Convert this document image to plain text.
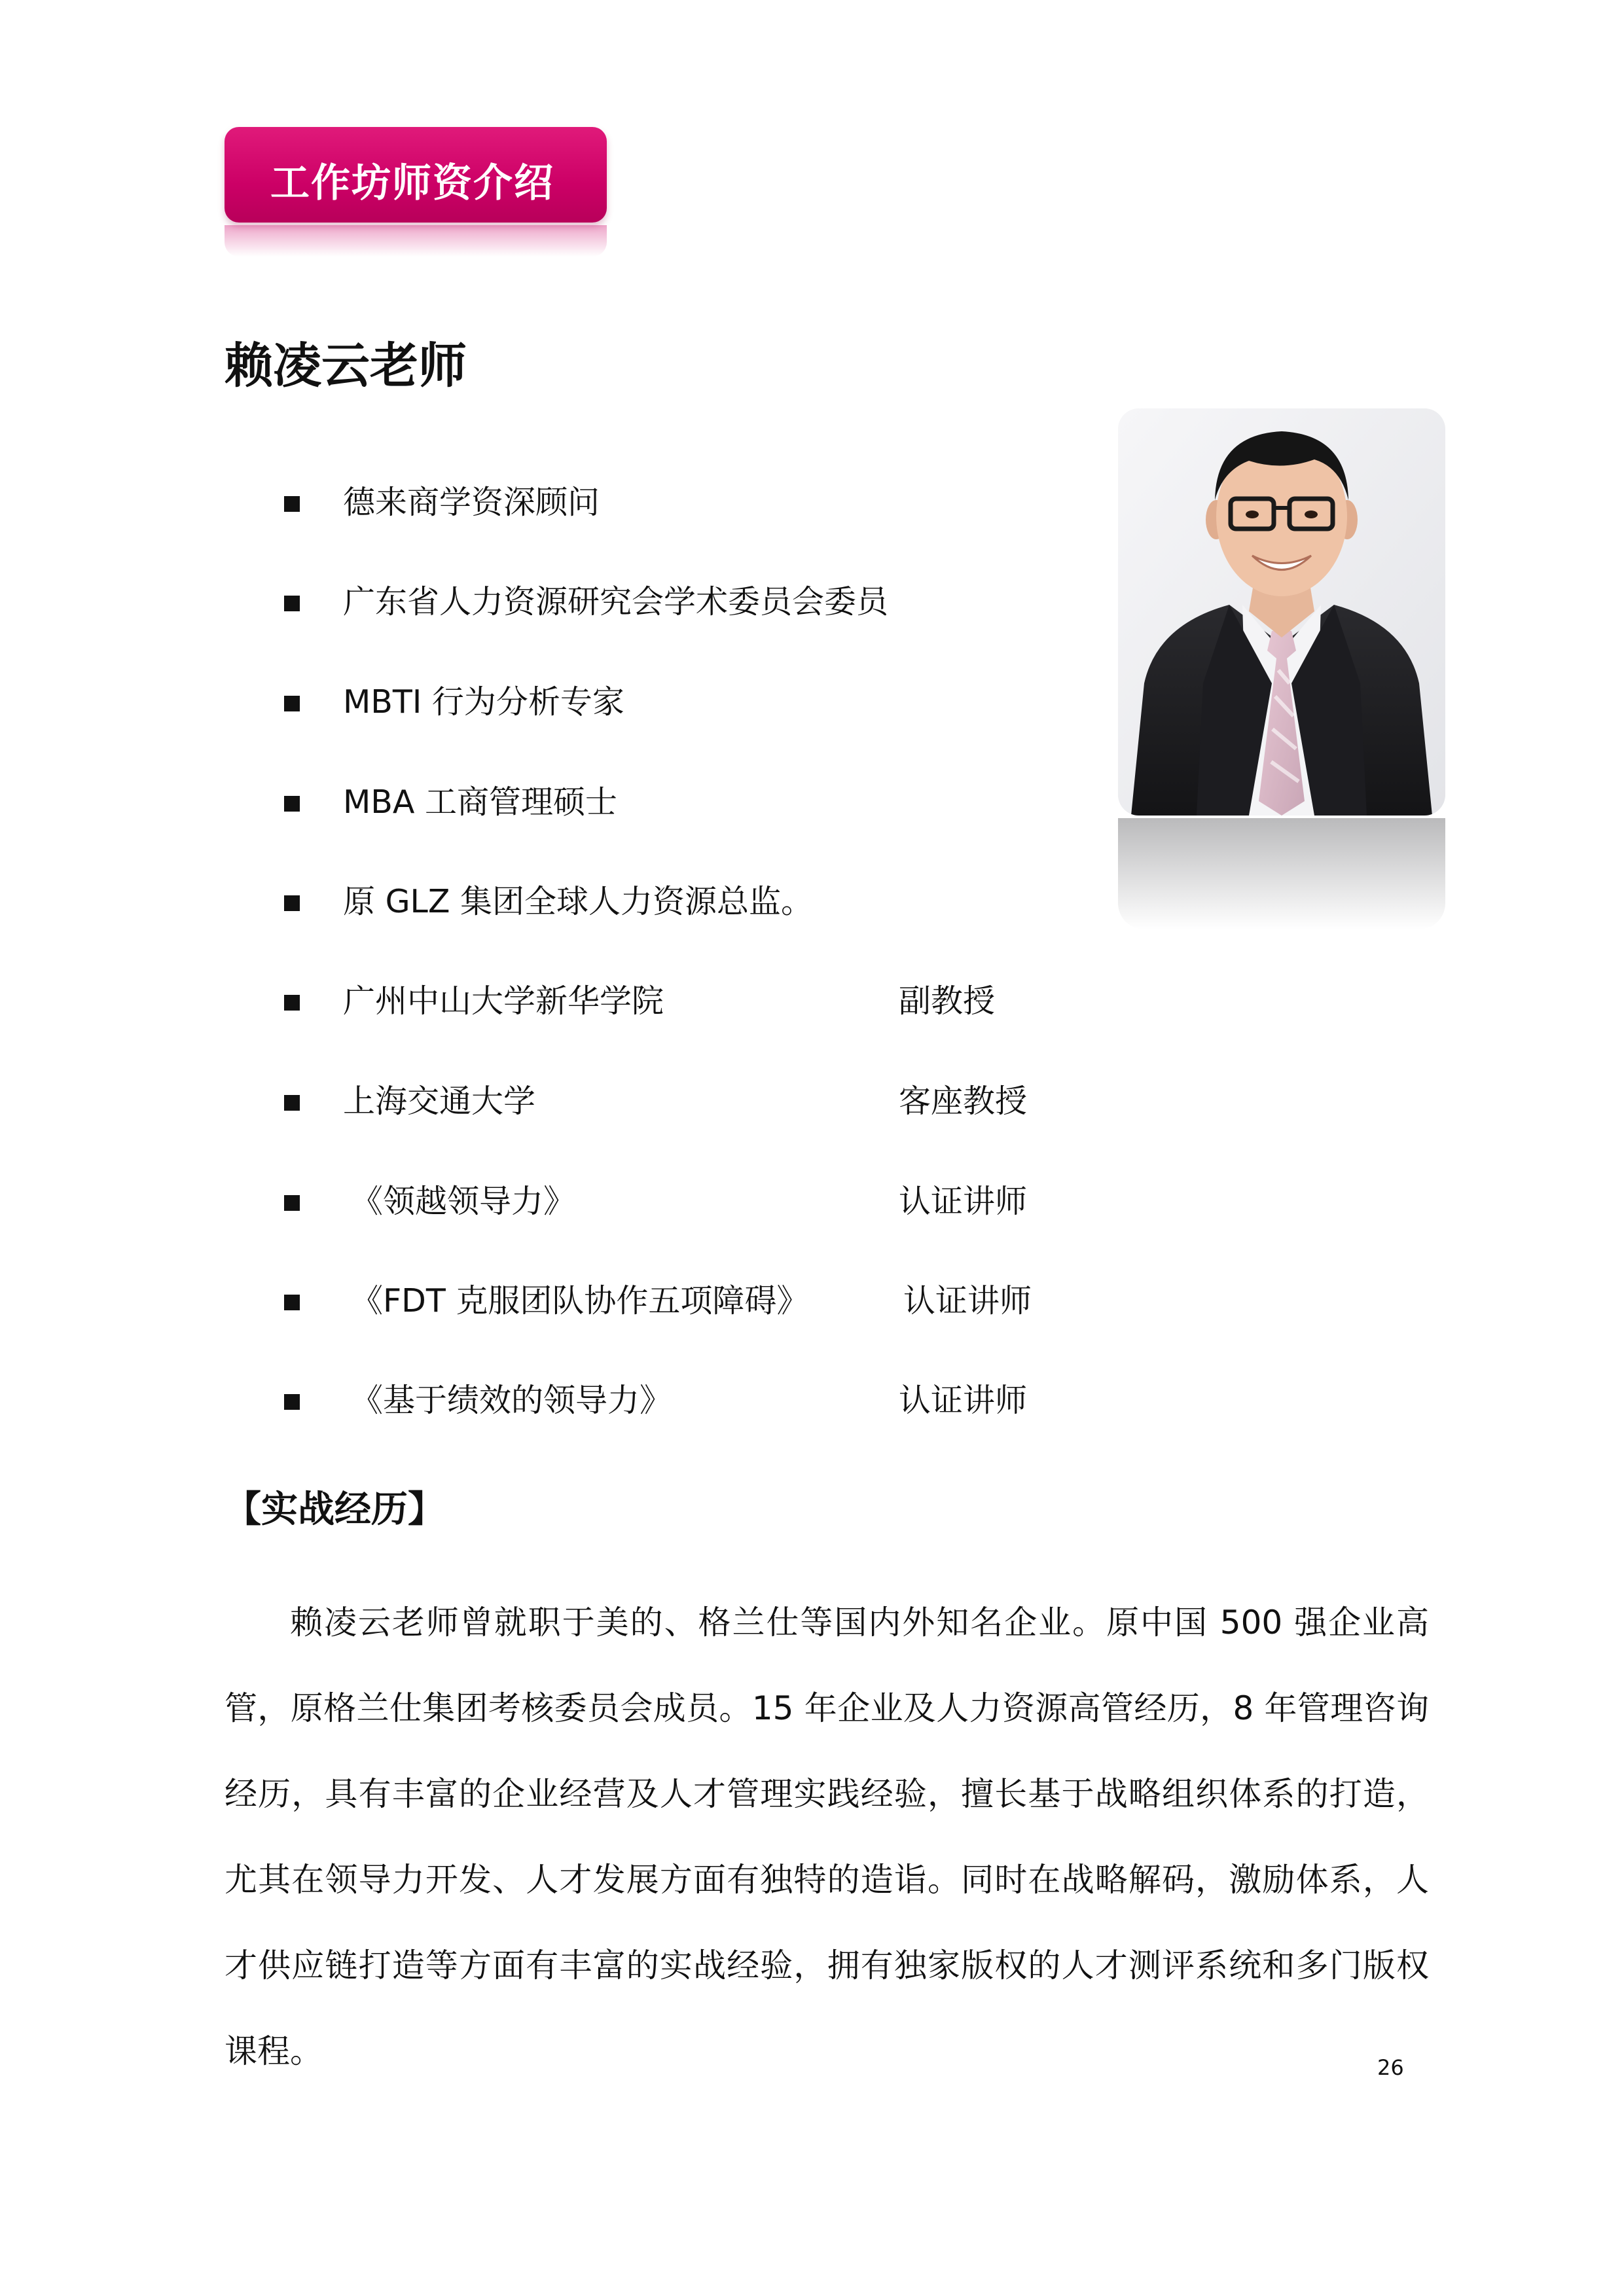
工作坊师资介绍
赖凌云老师
德来商学资深顾问
广东省人力资源研究会学术委员会委员
MBTI 行为分析专家
MBA 工商管理硕士
原 GLZ 集团全球人力资源总监。
广州中山大学新华学院	副教授
上海交通大学	客座教授
《领越领导力》	认证讲师
《FDT 克服团队协作五项障碍》	认证讲师
《基于绩效的领导力》	认证讲师
【实战经历】
赖凌云老师曾就职于美的、格兰仕等国内外知名企业。原中国 500 强企业高管，原格兰仕集团考核委员会成员。15 年企业及人力资源高管经历，8 年管理咨询经历，具有丰富的企业经营及人才管理实践经验，擅长基于战略组织体系的打造，尤其在领导力开发、人才发展方面有独特的造诣。同时在战略解码，激励体系，人才供应链打造等方面有丰富的实战经验，拥有独家版权的人才测评系统和多门版权课程。	26
